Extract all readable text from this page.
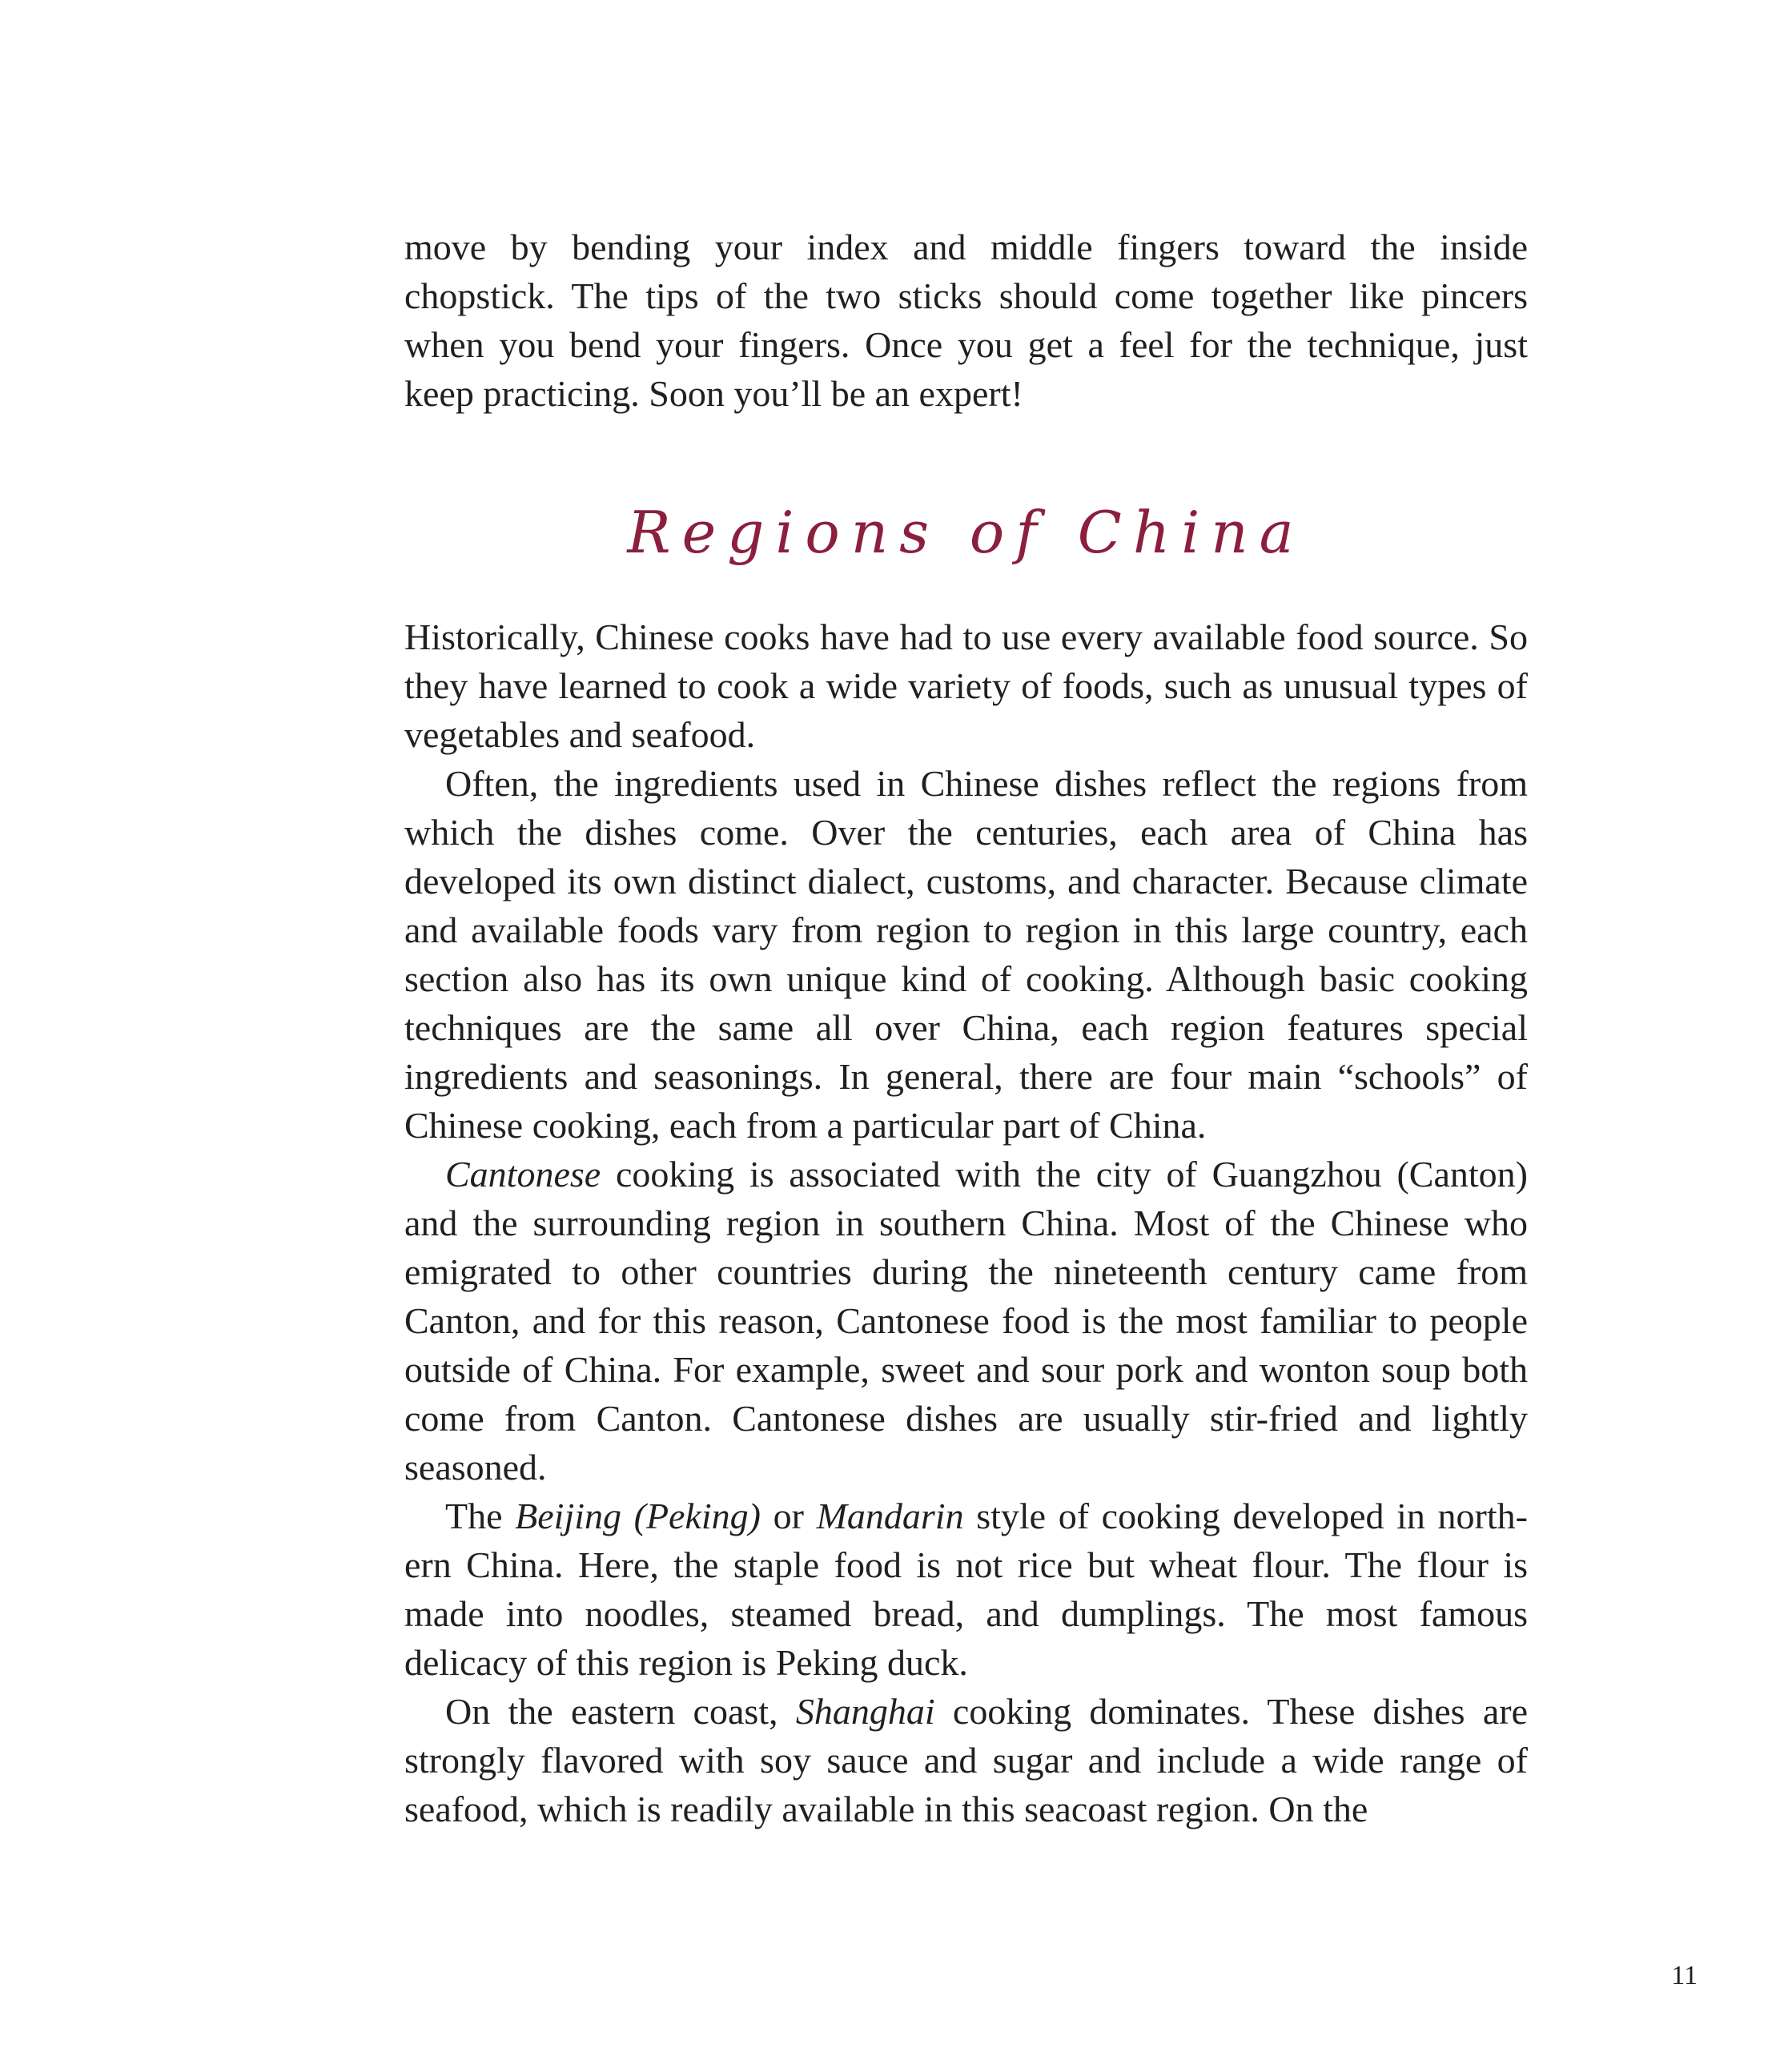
move by bending your index and middle fingers toward the inside chopstick. The tips of the two sticks should come together like pincers when you bend your fingers. Once you get a feel for the technique, just keep practicing. Soon you’ll be an expert!

Regions of China

Historically, Chinese cooks have had to use every available food source. So they have learned to cook a wide variety of foods, such as unusual types of vegetables and seafood.

Often, the ingredients used in Chinese dishes reflect the regions from which the dishes come. Over the centuries, each area of China has developed its own distinct dialect, customs, and character. Because climate and available foods vary from region to region in this large country, each section also has its own unique kind of cooking. Although basic cooking techniques are the same all over China, each region features special ingredients and seasonings. In general, there are four main “schools” of Chinese cooking, each from a particular part of China.

Cantonese cooking is associated with the city of Guangzhou (Canton) and the surrounding region in southern China. Most of the Chinese who emigrated to other countries during the nineteenth century came from Canton, and for this reason, Cantonese food is the most familiar to people outside of China. For example, sweet and sour pork and wonton soup both come from Canton. Cantonese dishes are usually stir-fried and lightly seasoned.

The Beijing (Peking) or Mandarin style of cooking developed in northern China. Here, the staple food is not rice but wheat flour. The flour is made into noodles, steamed bread, and dumplings. The most famous delicacy of this region is Peking duck.

On the eastern coast, Shanghai cooking dominates. These dishes are strongly flavored with soy sauce and sugar and include a wide range of seafood, which is readily available in this seacoast region. On the

11
